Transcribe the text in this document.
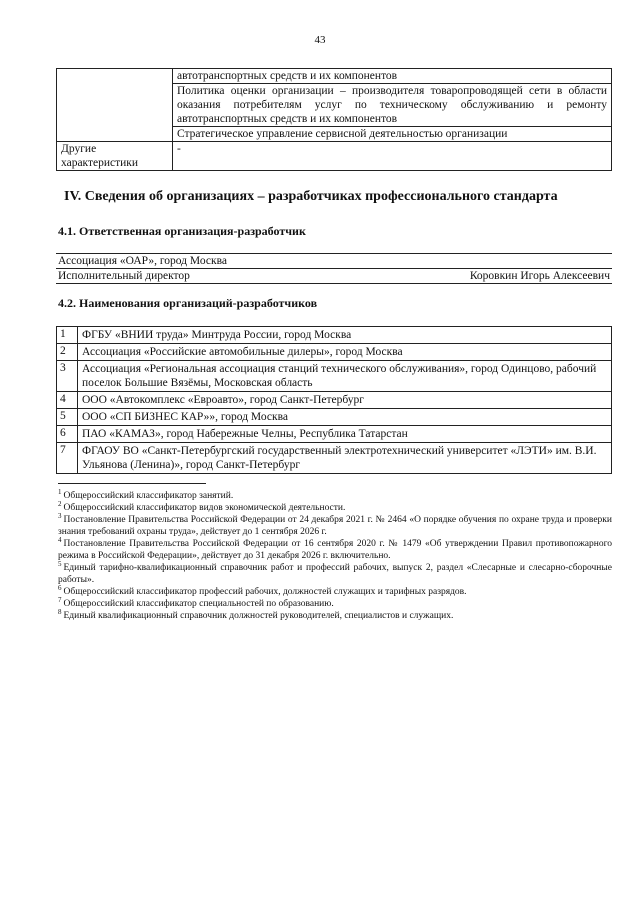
43
	автотранспортных средств и их компонентов
	Политика оценки организации – производителя товаропроводящей сети в области оказания потребителям услуг по техническому обслуживанию и ремонту автотранспортных средств и их компонентов
	Стратегическое управление сервисной деятельностью организации
Другие характеристики	-
IV. Сведения об организациях – разработчиках профессионального стандарта
4.1. Ответственная организация-разработчик
Ассоциация «ОАР», город Москва
Исполнительный директор	Коровкин Игорь Алексеевич
4.2. Наименования организаций-разработчиков
1	ФГБУ «ВНИИ труда» Минтруда России, город Москва
2	Ассоциация «Российские автомобильные дилеры», город Москва
3	Ассоциация «Региональная ассоциация станций технического обслуживания», город Одинцово, рабочий поселок Большие Вязёмы, Московская область
4	ООО «Автокомплекс «Евроавто», город Санкт-Петербург
5	ООО «СП БИЗНЕС КАР»», город Москва
6	ПАО «КАМАЗ», город Набережные Челны, Республика Татарстан
7	ФГАОУ ВО «Санкт-Петербургский государственный электротехнический университет «ЛЭТИ» им. В.И. Ульянова (Ленина)», город Санкт-Петербург

$^1$ Общероссийский классификатор занятий.

$^2$ Общероссийский классификатор видов экономической деятельности.

$^3$ Постановление Правительства Российской Федерации от 24 декабря 2021 г. № 2464 «О порядке обучения по охране труда и проверки знания требований охраны труда», действует до 1 сентября 2026 г.

$^4$ Постановление Правительства Российской Федерации от 16 сентября 2020 г. № 1479 «Об утверждении Правил противопожарного режима в Российской Федерации», действует до 31 декабря 2026 г. включительно.

$^5$ Единый тарифно-квалификационный справочник работ и профессий рабочих, выпуск 2, раздел «Слесарные и слесарно-сборочные работы».

$^6$ Общероссийский классификатор профессий рабочих, должностей служащих и тарифных разрядов.

$^7$ Общероссийский классификатор специальностей по образованию.

$^8$ Единый квалификационный справочник должностей руководителей, специалистов и служащих.
